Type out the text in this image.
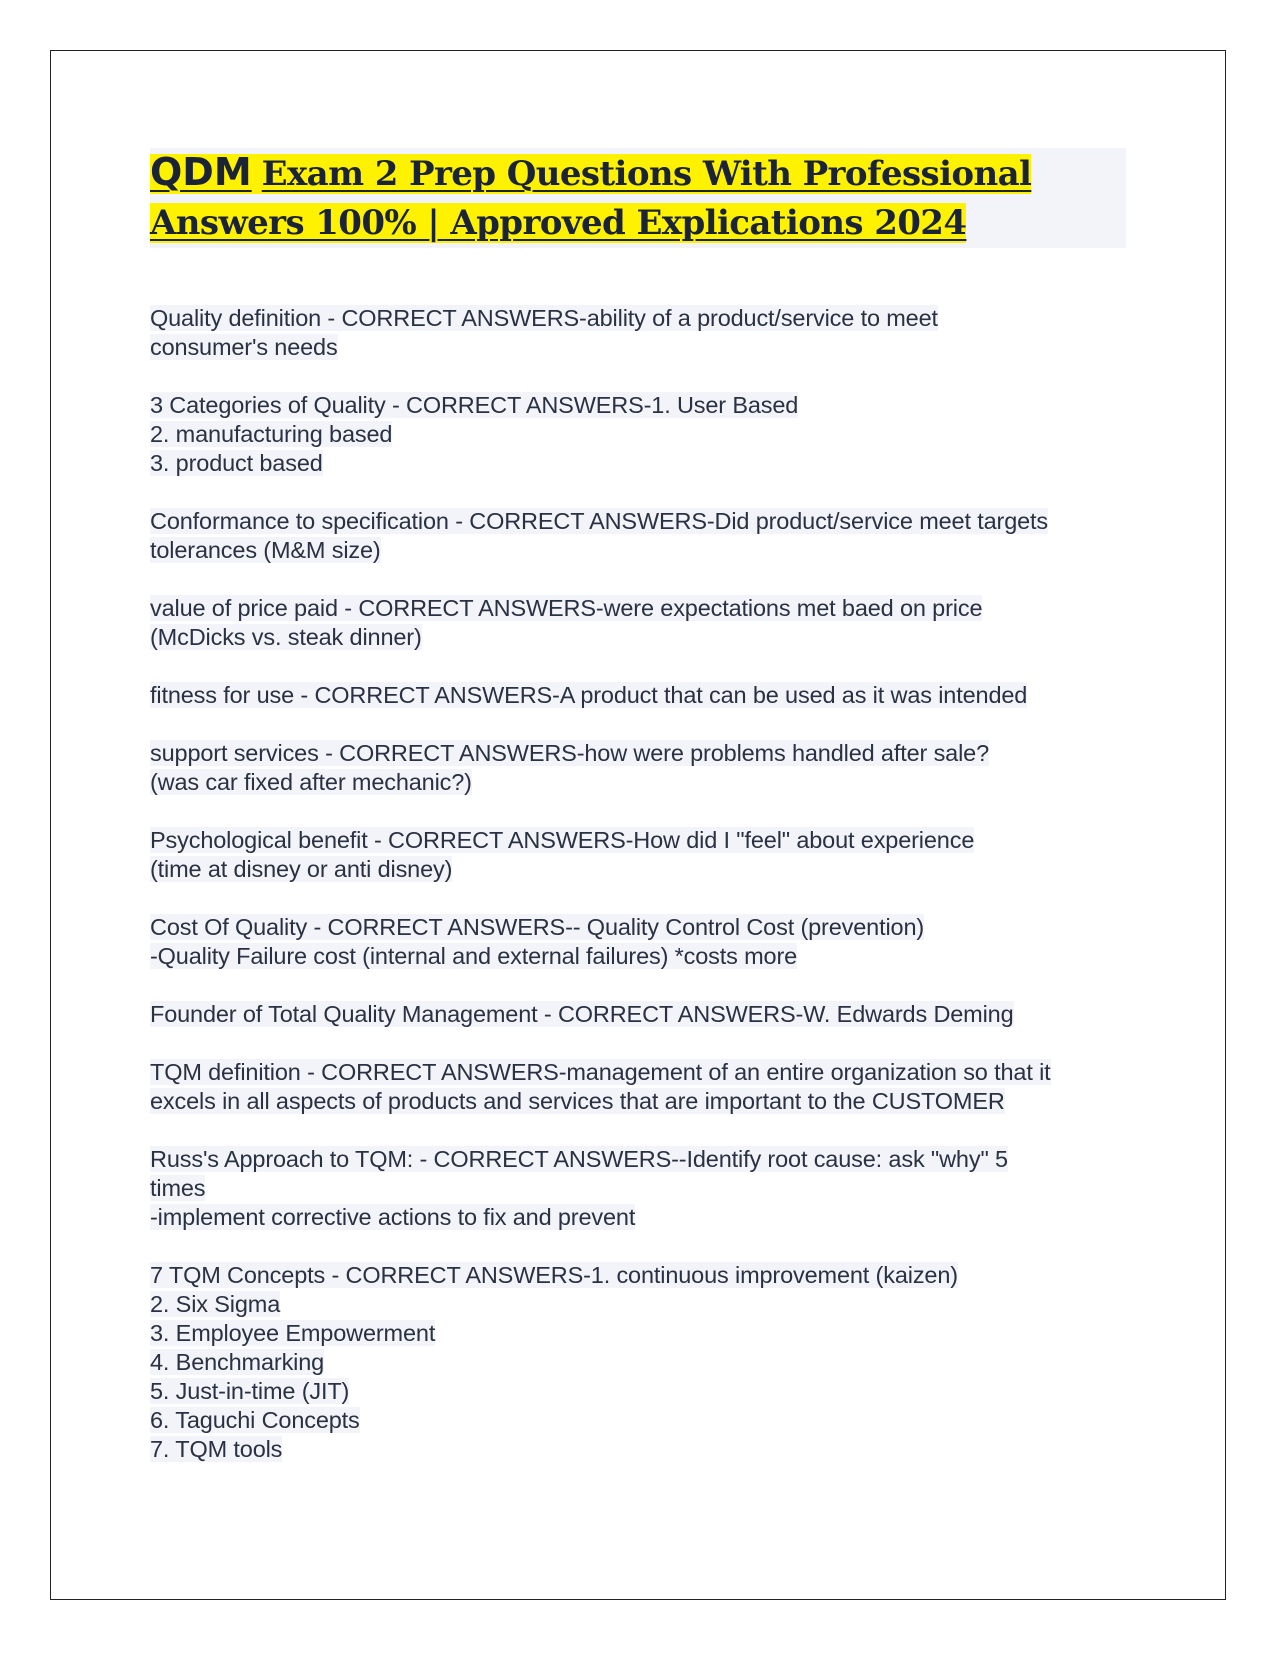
QDM Exam 2 Prep Questions With Professional
Answers 100% | Approved Explications 2024
Quality definition - CORRECT ANSWERS-ability of a product/service to meet
consumer's needs
3 Categories of Quality - CORRECT ANSWERS-1. User Based
2. manufacturing based
3. product based
Conformance to specification - CORRECT ANSWERS-Did product/service meet targets
tolerances (M&M size)
value of price paid - CORRECT ANSWERS-were expectations met baed on price
(McDicks vs. steak dinner)
fitness for use - CORRECT ANSWERS-A product that can be used as it was intended
support services - CORRECT ANSWERS-how were problems handled after sale?
(was car fixed after mechanic?)
Psychological benefit - CORRECT ANSWERS-How did I "feel" about experience
(time at disney or anti disney)
Cost Of Quality - CORRECT ANSWERS-- Quality Control Cost (prevention)
-Quality Failure cost (internal and external failures) *costs more
Founder of Total Quality Management - CORRECT ANSWERS-W. Edwards Deming
TQM definition - CORRECT ANSWERS-management of an entire organization so that it
excels in all aspects of products and services that are important to the CUSTOMER
Russ's Approach to TQM: - CORRECT ANSWERS--Identify root cause: ask "why" 5
times
-implement corrective actions to fix and prevent
7 TQM Concepts - CORRECT ANSWERS-1. continuous improvement (kaizen)
2. Six Sigma
3. Employee Empowerment
4. Benchmarking
5. Just-in-time (JIT)
6. Taguchi Concepts
7. TQM tools
